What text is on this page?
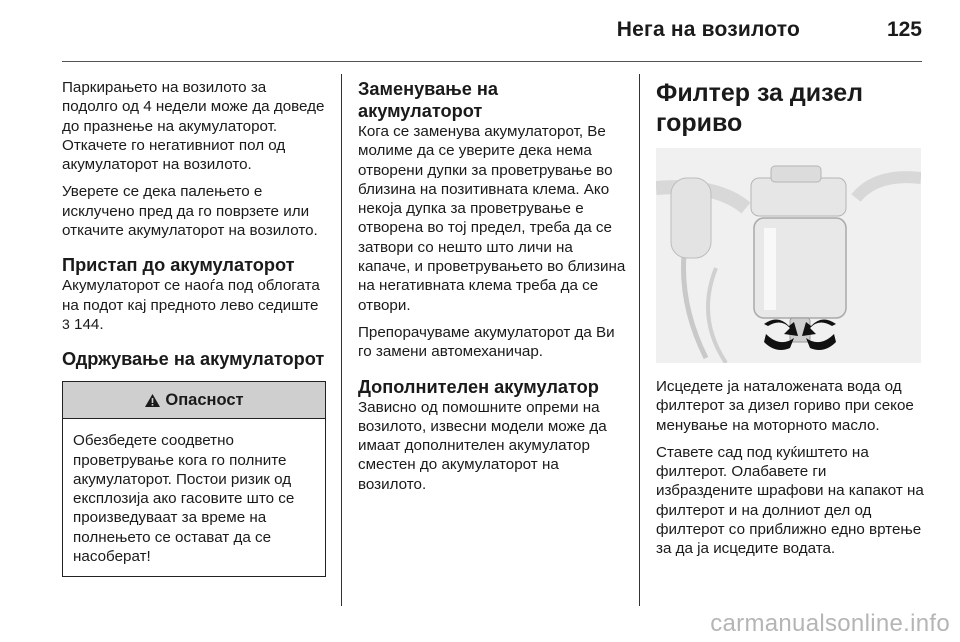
Нега на возилото	125

Паркирањето на возилото за подолго од 4 недели може да доведе до празнење на акумулаторот. Откачете го негативниот пол од акумулаторот на возилото.

Уверете се дека палењето е исклучено пред да го поврзете или откачите акумулаторот на возилото.

Пристап до акумулаторот

Акумулаторот се наоѓа под облогата на подот кај предното лево седиште 3 144.

Одржување на акумулаторот
Опасност

Обезбедете соодветно проветрување кога го полните акумулаторот. Постои ризик од експлозија ако гасовите што се произведуваат за време на полнењето се остават да се насоберат!

Заменување на акумулаторот

Кога се заменува акумулаторот, Ве молиме да се уверите дека нема отворени дупки за проветрување во близина на позитивната клема. Ако некоја дупка за проветрување е отворена во тој предел, треба да се затвори со нешто што личи на капаче, и проветрувањето во близина на негативната клема треба да се отвори.

Препорачуваме акумулаторот да Ви го замени автомеханичар.

Дополнителен акумулатор

Зависно од помошните опреми на возилото, извесни модели може да имаат дополнителен акумулатор сместен до акумулаторот на возилото.

Филтер за дизел гориво

Исцедете ја наталожената вода од филтерот за дизел гориво при секое менување на моторното масло.

Ставете сад под куќиштето на филтерот. Олабавете ги избраздените шрафови на капакот на филтерот и на долниот дел од филтерот со приближно едно вртење за да ја исцедите водата.

carmanualsonline.info
